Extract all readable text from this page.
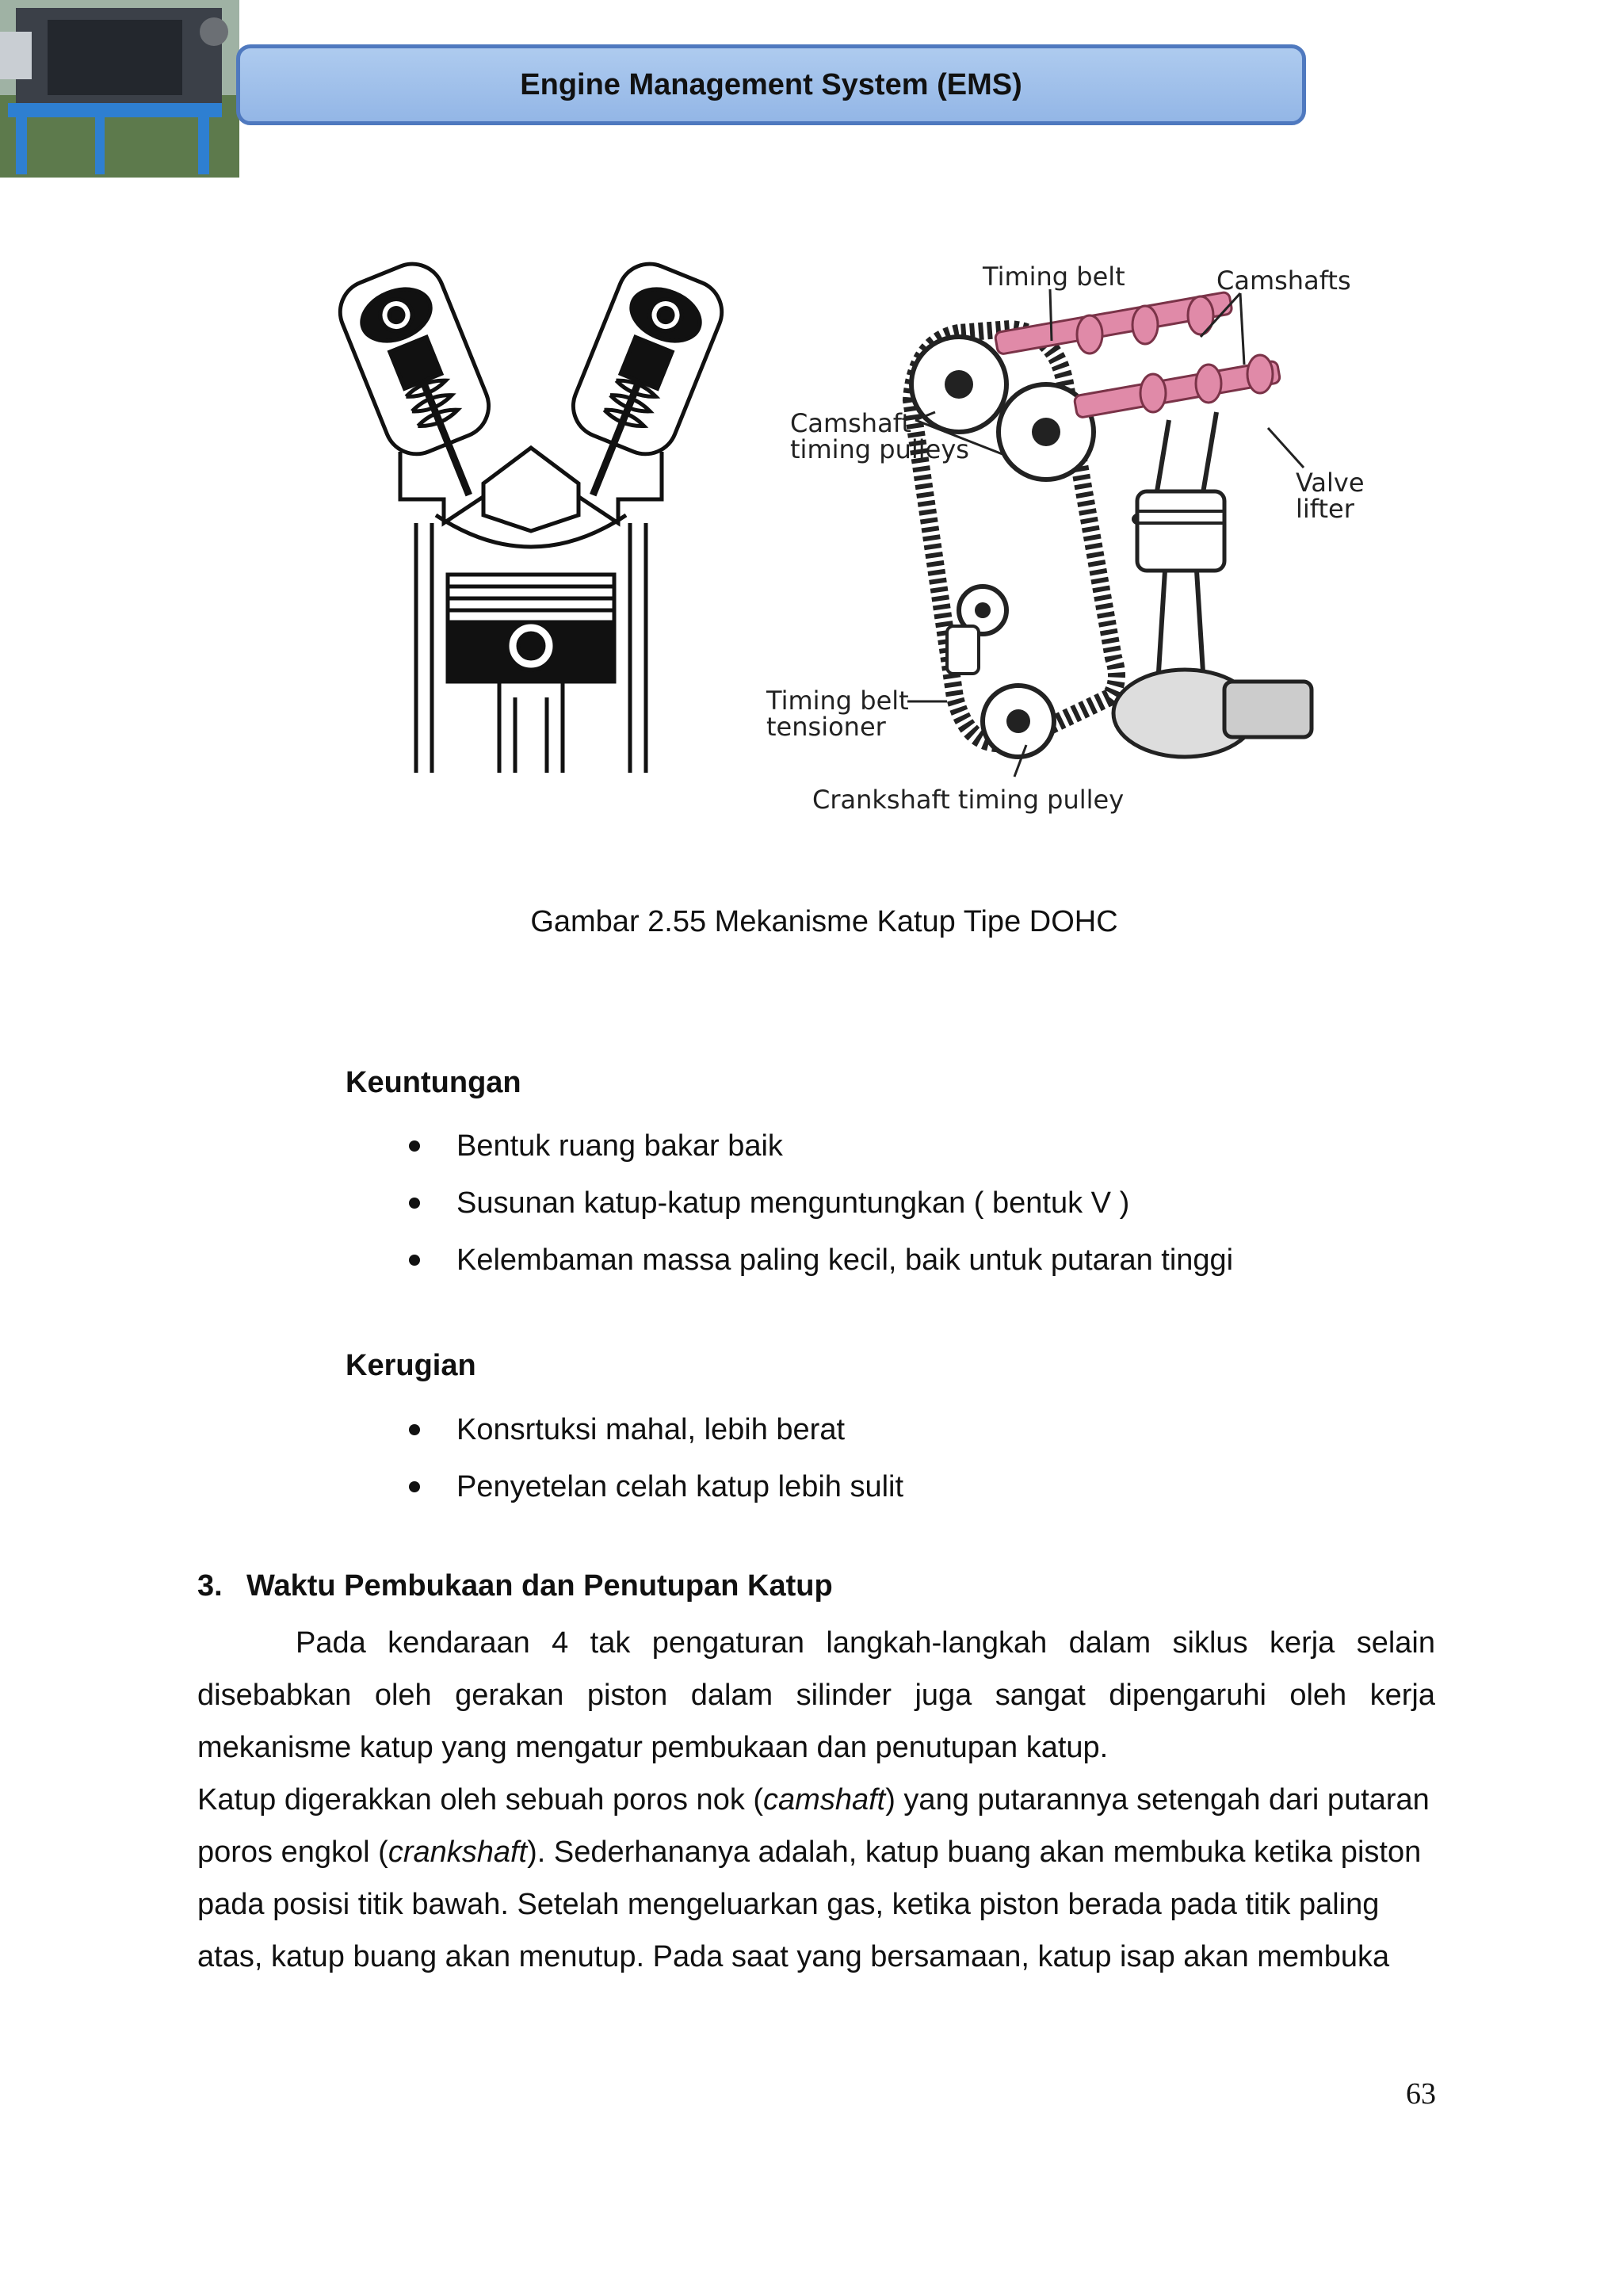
Engine Management System (EMS)
Timing belt	Camshafts
Camshaft
timing pulleys
Valve
lifter
Timing belt
tensioner
Crankshaft timing pulley
Gambar 2.55 Mekanisme Katup Tipe DOHC
Keuntungan
Bentuk ruang bakar baik
Susunan katup-katup menguntungkan ( bentuk V )
Kelembaman massa paling kecil, baik untuk putaran tinggi
Kerugian
Konsrtuksi mahal, lebih berat
Penyetelan celah katup lebih sulit
3. Waktu Pembukaan dan Penutupan Katup

Pada kendaraan 4 tak pengaturan langkah-langkah dalam siklus kerja selain disebabkan oleh gerakan piston dalam silinder juga sangat dipengaruhi oleh kerja mekanisme katup yang mengatur pembukaan dan penutupan katup.

Katup digerakkan oleh sebuah poros nok (camshaft) yang putarannya setengah dari putaran poros engkol (crankshaft). Sederhananya adalah, katup buang akan membuka ketika piston pada posisi titik bawah. Setelah mengeluarkan gas, ketika piston berada pada titik paling atas, katup buang akan menutup. Pada saat yang bersamaan, katup isap akan membuka

63
